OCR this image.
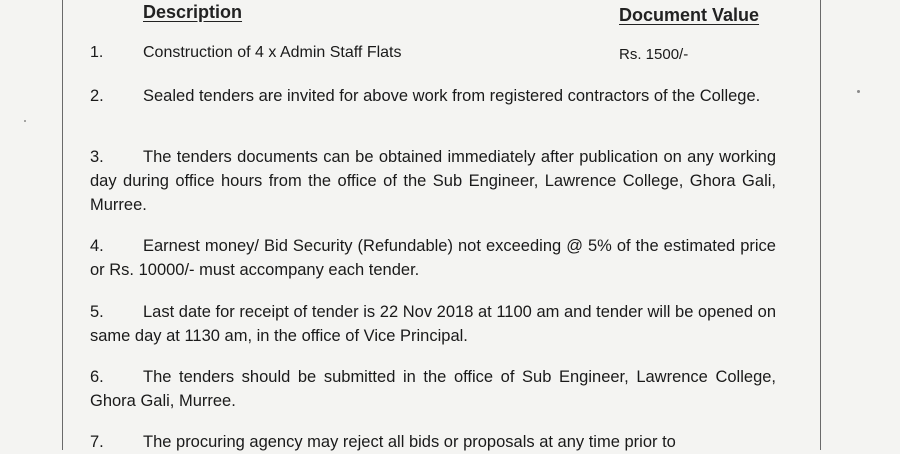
Description	Document Value
1. Construction of 4 x Admin Staff Flats	Rs. 1500/-
2. Sealed tenders are invited for above work from registered contractors of the College.
3. The tenders documents can be obtained immediately after publication on any working day during office hours from the office of the Sub Engineer, Lawrence College, Ghora Gali, Murree.
4. Earnest money/ Bid Security (Refundable) not exceeding @ 5% of the estimated price or Rs. 10000/- must accompany each tender.
5. Last date for receipt of tender is 22 Nov 2018 at 1100 am and tender will be opened on same day at 1130 am, in the office of Vice Principal.
6. The tenders should be submitted in the office of Sub Engineer, Lawrence College, Ghora Gali, Murree.
7. The procuring agency may reject all bids or proposals at any time prior to
